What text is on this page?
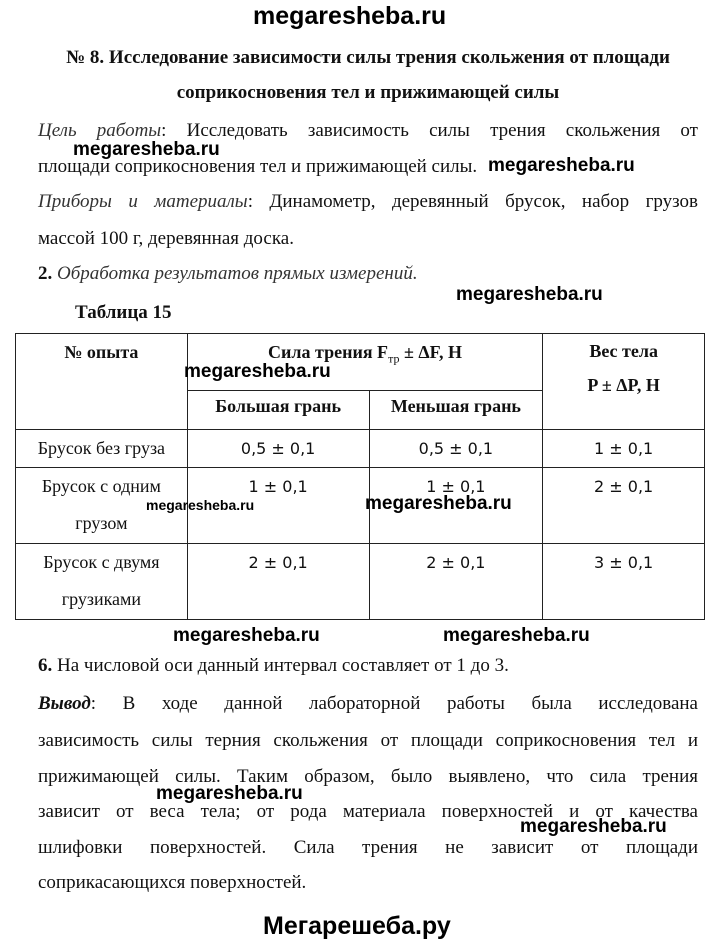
megaresheba.ru
№ 8. Исследование зависимости силы трения скольжения от площади
соприкосновения тел и прижимающей силы
Цель работы: Исследовать зависимость силы трения скольжения от
площади соприкосновения тел и прижимающей силы.
megaresheba.ru
megaresheba.ru
Приборы и материалы: Динамометр, деревянный брусок, набор грузов
массой 100 г, деревянная доска.
2. Обработка результатов прямых измерений.
megaresheba.ru
Таблица 15
№ опыта	Сила трения $F_{тр} \pm \Delta F$, H		Вес тела
P ± ΔP, H

	Большая грань	Меньшая грань	
Брусок без груза	0,5 ± 0,1	0,5 ± 0,1	1 ± 0,1

Брусок с одним
грузом	1 ± 0,1	1 ± 0,1	2 ± 0,1

Брусок с двумя
грузиками	2 ± 0,1	2 ± 0,1	3 ± 0,1
megaresheba.ru
megaresheba.ru	megaresheba.ru
megaresheba.ru	megaresheba.ru
6. На числовой оси данный интервал составляет от 1 до 3.
Вывод: В ходе данной лабораторной работы была исследована
зависимость силы терния скольжения от площади соприкосновения тел и
прижимающей силы. Таким образом, было выявлено, что сила трения
зависит от веса тела; от рода материала поверхностей и от качества
шлифовки поверхностей. Сила трения не зависит от площади
соприкасающихся поверхностей.
megaresheba.ru
megaresheba.ru
Мегарешеба.ру
